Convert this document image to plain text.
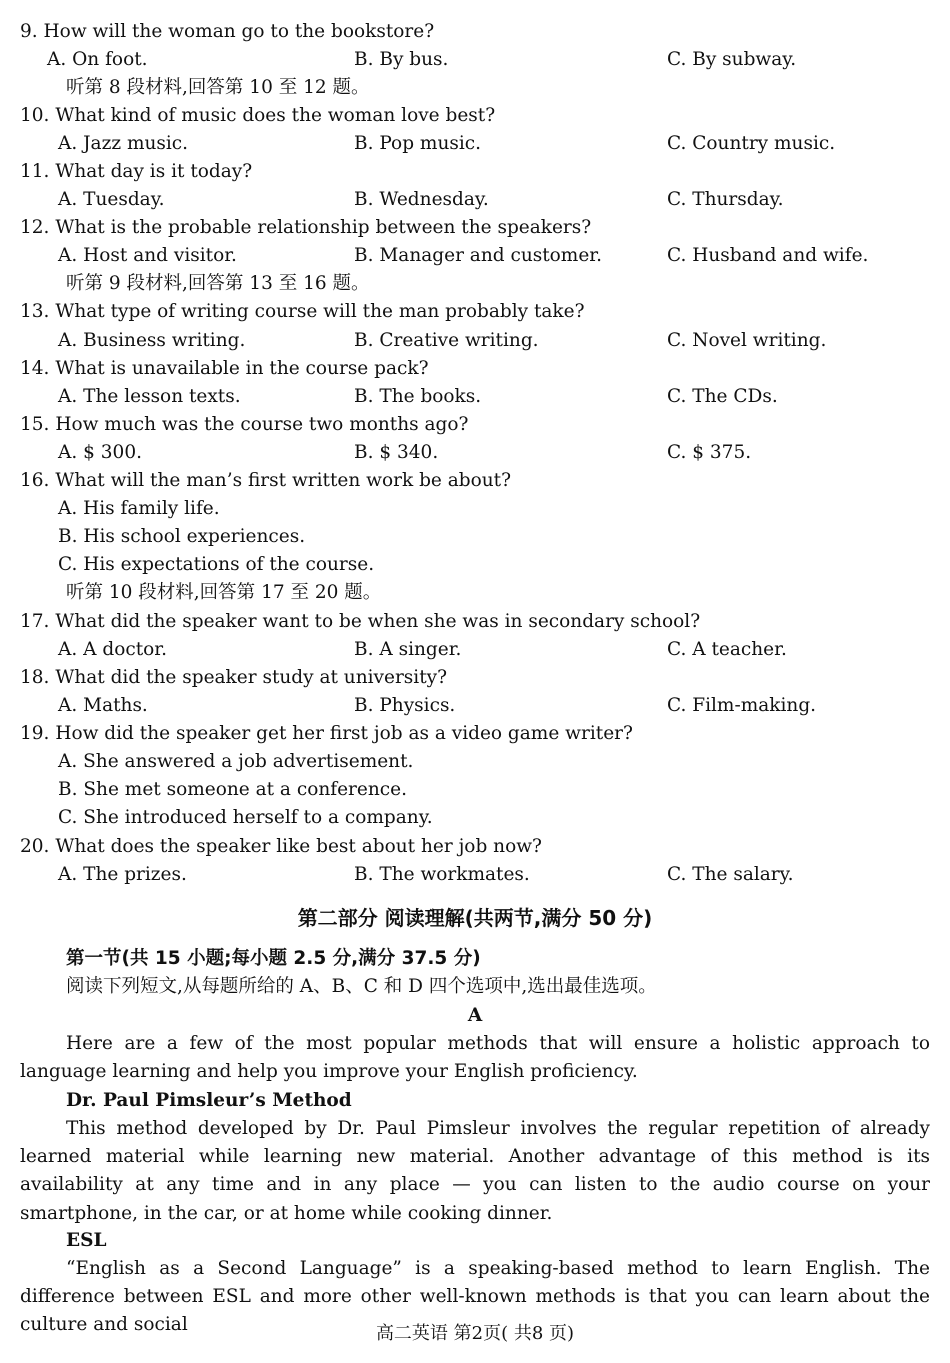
9. How will the woman go to the bookstore?
A. On foot.	B. By bus.	C. By subway.
听第 8 段材料,回答第 10 至 12 题。
10. What kind of music does the woman love best?
A. Jazz music.	B. Pop music.	C. Country music.
11. What day is it today?
A. Tuesday.	B. Wednesday.	C. Thursday.
12. What is the probable relationship between the speakers?
A. Host and visitor.	B. Manager and customer.	C. Husband and wife.
听第 9 段材料,回答第 13 至 16 题。
13. What type of writing course will the man probably take?
A. Business writing.	B. Creative writing.	C. Novel writing.
14. What is unavailable in the course pack?
A. The lesson texts.	B. The books.	C. The CDs.
15. How much was the course two months ago?
A. $ 300.	B. $ 340.	C. $ 375.
16. What will the man’s first written work be about?
A. His family life.
B. His school experiences.
C. His expectations of the course.
听第 10 段材料,回答第 17 至 20 题。
17. What did the speaker want to be when she was in secondary school?
A. A doctor.	B. A singer.	C. A teacher.
18. What did the speaker study at university?
A. Maths.	B. Physics.	C. Film-making.
19. How did the speaker get her first job as a video game writer?
A. She answered a job advertisement.
B. She met someone at a conference.
C. She introduced herself to a company.
20. What does the speaker like best about her job now?
A. The prizes.	B. The workmates.	C. The salary.
第二部分 阅读理解(共两节,满分 50 分)
第一节(共 15 小题;每小题 2.5 分,满分 37.5 分)
阅读下列短文,从每题所给的 A、B、C 和 D 四个选项中,选出最佳选项。
A
Here are a few of the most popular methods that will ensure a holistic approach to language learning and help you improve your English proficiency.
Dr. Paul Pimsleur’s Method
This method developed by Dr. Paul Pimsleur involves the regular repetition of already learned material while learning new material. Another advantage of this method is its availability at any time and in any place — you can listen to the audio course on your smartphone, in the car, or at home while cooking dinner.
ESL
“English as a Second Language” is a speaking-based method to learn English. The difference between ESL and more other well-known methods is that you can learn about the culture and social	高二英语 第2页( 共8 页)
